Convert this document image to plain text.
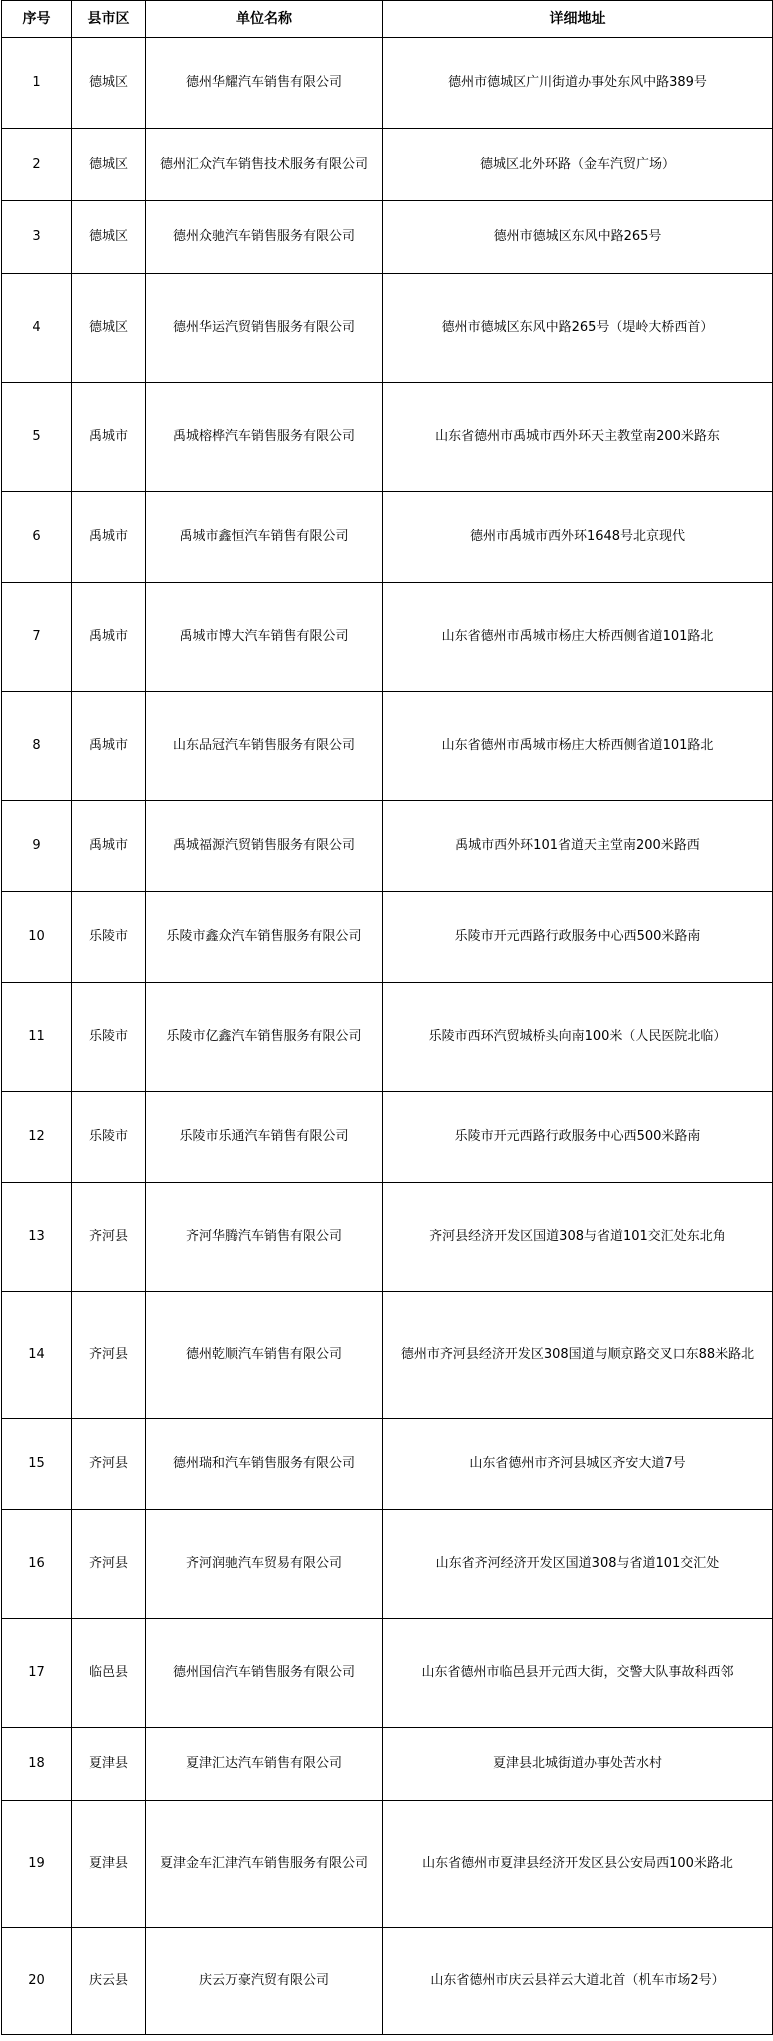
序号	县市区	单位名称	详细地址
1	德城区	德州华耀汽车销售有限公司	德州市德城区广川街道办事处东风中路389号
2	德城区	德州汇众汽车销售技术服务有限公司	德城区北外环路（金车汽贸广场）
3	德城区	德州众驰汽车销售服务有限公司	德州市德城区东风中路265号
4	德城区	德州华运汽贸销售服务有限公司	德州市德城区东风中路265号（堤岭大桥西首）
5	禹城市	禹城榕桦汽车销售服务有限公司	山东省德州市禹城市西外环天主教堂南200米路东
6	禹城市	禹城市鑫恒汽车销售有限公司	德州市禹城市西外环1648号北京现代
7	禹城市	禹城市博大汽车销售有限公司	山东省德州市禹城市杨庄大桥西侧省道101路北
8	禹城市	山东品冠汽车销售服务有限公司	山东省德州市禹城市杨庄大桥西侧省道101路北
9	禹城市	禹城福源汽贸销售服务有限公司	禹城市西外环101省道天主堂南200米路西
10	乐陵市	乐陵市鑫众汽车销售服务有限公司	乐陵市开元西路行政服务中心西500米路南
11	乐陵市	乐陵市亿鑫汽车销售服务有限公司	乐陵市西环汽贸城桥头向南100米（人民医院北临）
12	乐陵市	乐陵市乐通汽车销售有限公司	乐陵市开元西路行政服务中心西500米路南
13	齐河县	齐河华腾汽车销售有限公司	齐河县经济开发区国道308与省道101交汇处东北角
14	齐河县	德州乾顺汽车销售有限公司	德州市齐河县经济开发区308国道与顺京路交叉口东88米路北
15	齐河县	德州瑞和汽车销售服务有限公司	山东省德州市齐河县城区齐安大道7号
16	齐河县	齐河润驰汽车贸易有限公司	山东省齐河经济开发区国道308与省道101交汇处
17	临邑县	德州国信汽车销售服务有限公司	山东省德州市临邑县开元西大街，交警大队事故科西邻
18	夏津县	夏津汇达汽车销售有限公司	夏津县北城街道办事处苦水村
19	夏津县	夏津金车汇津汽车销售服务有限公司	山东省德州市夏津县经济开发区县公安局西100米路北
20	庆云县	庆云万豪汽贸有限公司	山东省德州市庆云县祥云大道北首（机车市场2号）
